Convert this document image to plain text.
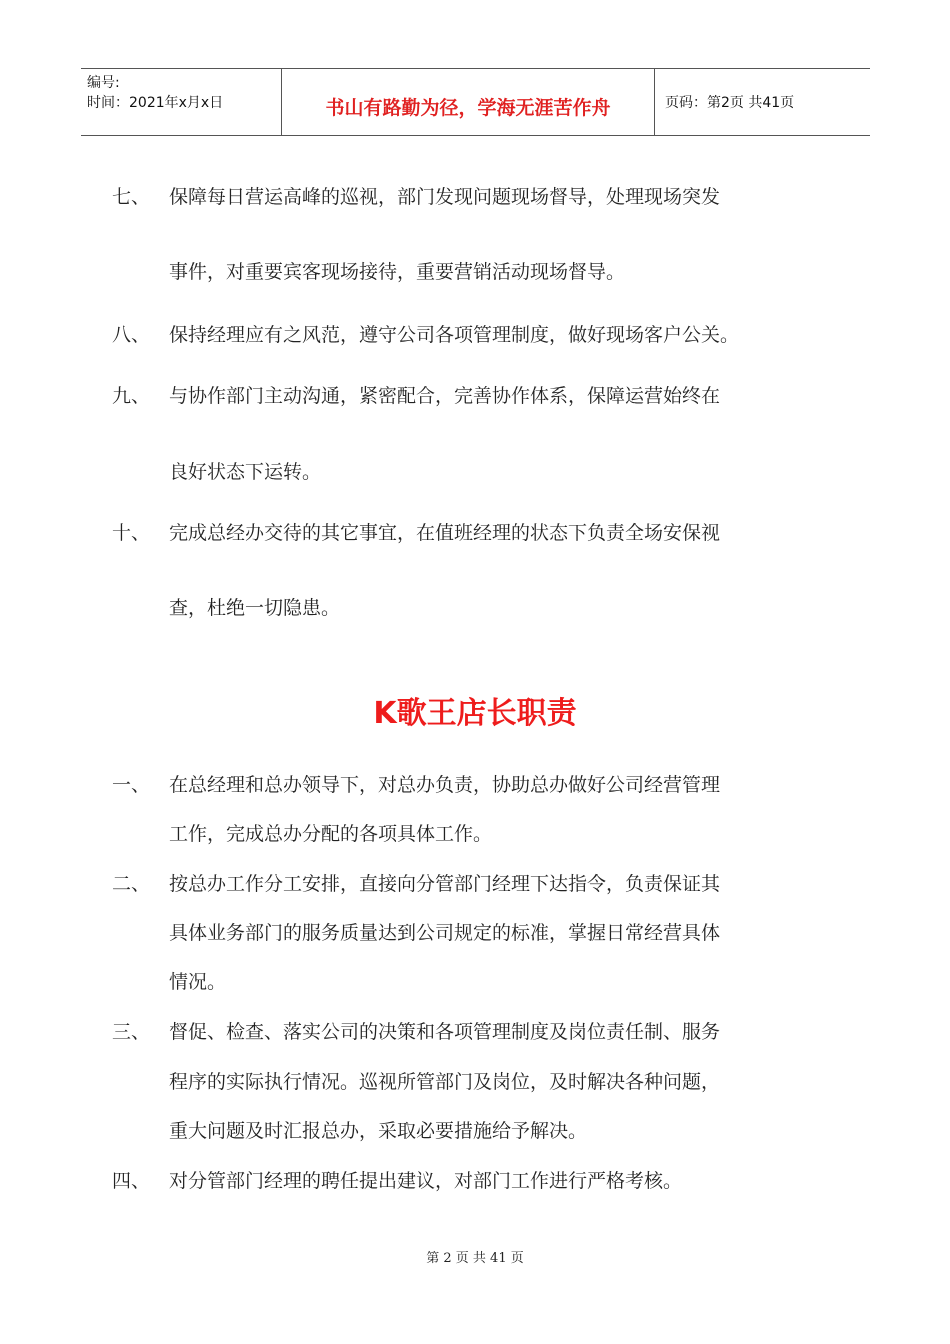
编号:
时间：2021年x月x日	书山有路勤为径，学海无涯苦作舟	页码：第2页 共41页
七、 保障每日营运高峰的巡视，部门发现问题现场督导，处理现场突发
事件，对重要宾客现场接待，重要营销活动现场督导。
八、 保持经理应有之风范，遵守公司各项管理制度，做好现场客户公关。
九、 与协作部门主动沟通，紧密配合，完善协作体系，保障运营始终在
良好状态下运转。
十、 完成总经办交待的其它事宜，在值班经理的状态下负责全场安保视
查，杜绝一切隐患。
K歌王店长职责
一、 在总经理和总办领导下，对总办负责，协助总办做好公司经营管理
工作，完成总办分配的各项具体工作。
二、 按总办工作分工安排，直接向分管部门经理下达指令，负责保证其
具体业务部门的服务质量达到公司规定的标准，掌握日常经营具体
情况。
三、 督促、检查、落实公司的决策和各项管理制度及岗位责任制、服务
程序的实际执行情况。巡视所管部门及岗位，及时解决各种问题，
重大问题及时汇报总办，采取必要措施给予解决。
四、 对分管部门经理的聘任提出建议，对部门工作进行严格考核。
第 2 页 共 41 页
